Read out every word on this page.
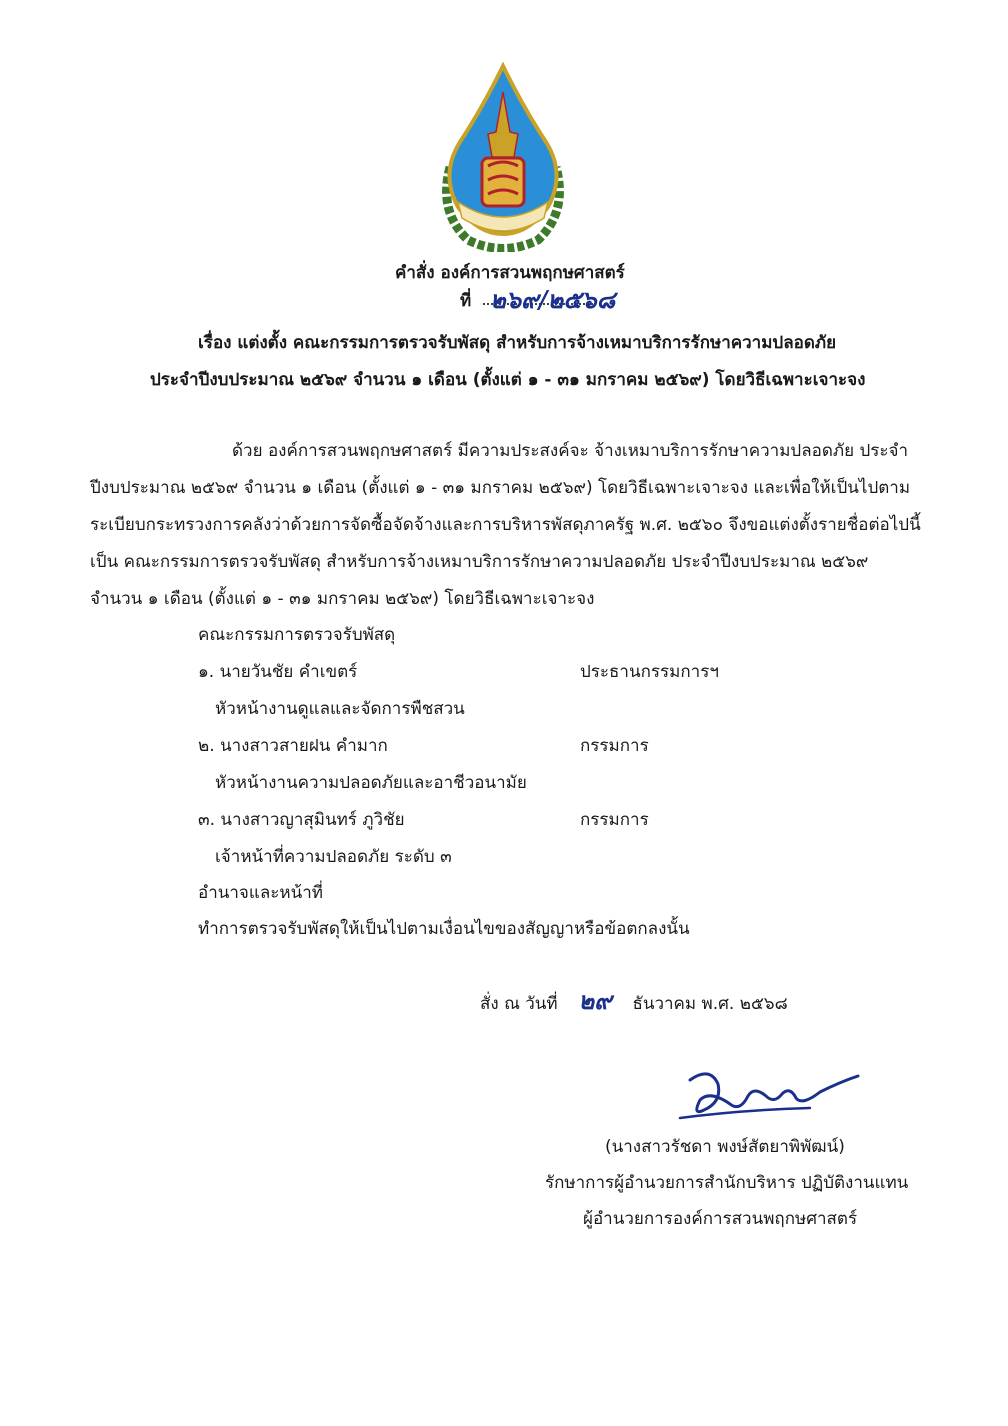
คำสั่ง องค์การสวนพฤกษศาสตร์
ที่ ๒๖๙/๒๕๖๘
เรื่อง แต่งตั้ง คณะกรรมการตรวจรับพัสดุ สำหรับการจ้างเหมาบริการรักษาความปลอดภัย
ประจำปีงบประมาณ ๒๕๖๙ จำนวน ๑ เดือน (ตั้งแต่ ๑ - ๓๑ มกราคม ๒๕๖๙) โดยวิธีเฉพาะเจาะจง
ด้วย องค์การสวนพฤกษศาสตร์ มีความประสงค์จะ จ้างเหมาบริการรักษาความปลอดภัย ประจำ
ปีงบประมาณ ๒๕๖๙ จำนวน ๑ เดือน (ตั้งแต่ ๑ - ๓๑ มกราคม ๒๕๖๙) โดยวิธีเฉพาะเจาะจง และเพื่อให้เป็นไปตาม
ระเบียบกระทรวงการคลังว่าด้วยการจัดซื้อจัดจ้างและการบริหารพัสดุภาครัฐ พ.ศ. ๒๕๖๐ จึงขอแต่งตั้งรายชื่อต่อไปนี้
เป็น คณะกรรมการตรวจรับพัสดุ สำหรับการจ้างเหมาบริการรักษาความปลอดภัย ประจำปีงบประมาณ ๒๕๖๙
จำนวน ๑ เดือน (ตั้งแต่ ๑ - ๓๑ มกราคม ๒๕๖๙) โดยวิธีเฉพาะเจาะจง
คณะกรรมการตรวจรับพัสดุ
๑. นายวันชัย คำเขตร์	ประธานกรรมการฯ
หัวหน้างานดูแลและจัดการพืชสวน
๒. นางสาวสายฝน คำมาก	กรรมการ
หัวหน้างานความปลอดภัยและอาชีวอนามัย
๓. นางสาวญาสุมินทร์ ภูวิชัย	กรรมการ
เจ้าหน้าที่ความปลอดภัย ระดับ ๓
อำนาจและหน้าที่
ทำการตรวจรับพัสดุให้เป็นไปตามเงื่อนไขของสัญญาหรือข้อตกลงนั้น
สั่ง ณ วันที่ ๒๙ ธันวาคม พ.ศ. ๒๕๖๘
(นางสาวรัชดา พงษ์สัตยาพิพัฒน์)
รักษาการผู้อำนวยการสำนักบริหาร ปฏิบัติงานแทน
ผู้อำนวยการองค์การสวนพฤกษศาสตร์
